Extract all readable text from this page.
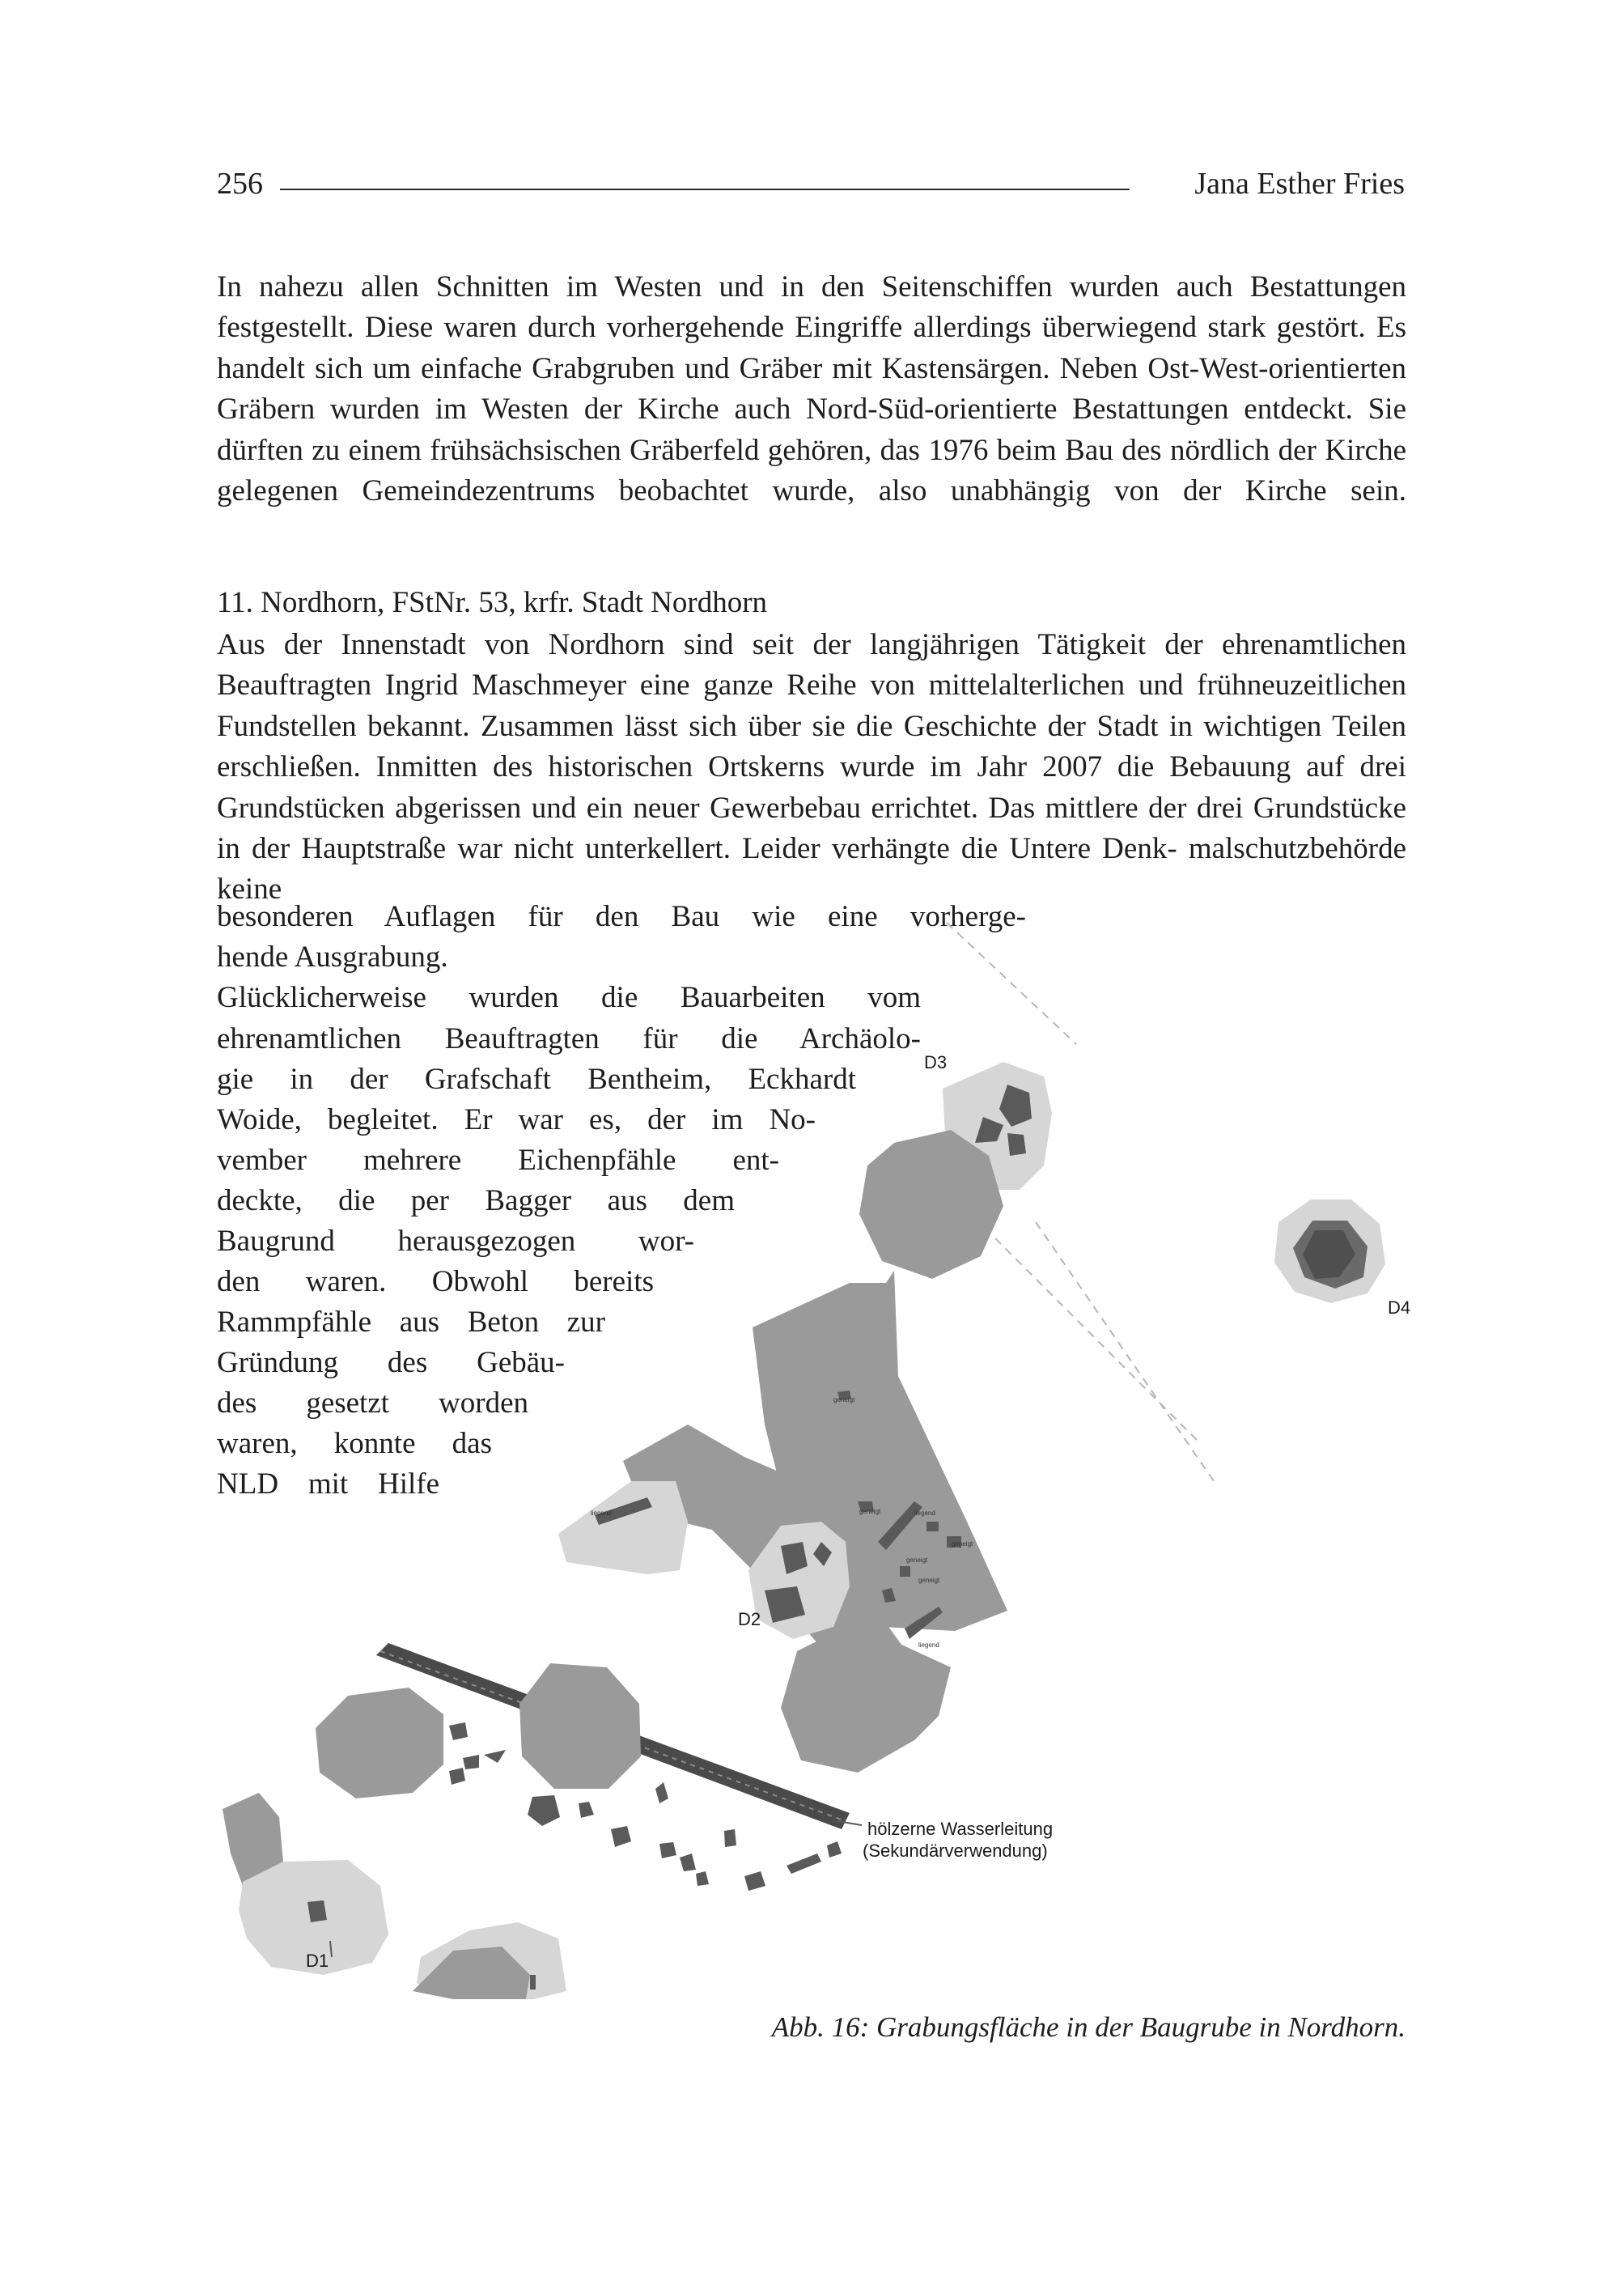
256	Jana Esther Fries

In nahezu allen Schnitten im Westen und in den Seitenschiffen wurden auch Bestattungen festgestellt. Diese waren durch vorhergehende Eingriffe allerdings überwiegend stark gestört. Es handelt sich um einfache Grabgruben und Gräber mit Kastensärgen. Neben Ost-West-orientierten Gräbern wurden im Westen der Kirche auch Nord-Süd-orientierte Bestattungen entdeckt. Sie dürften zu einem frühsächsischen Gräberfeld gehören, das 1976 beim Bau des nördlich der Kirche gelegenen Gemeindezentrums beobachtet wurde, also unabhängig von der Kirche sein.

11. Nordhorn, FStNr. 53, krfr. Stadt Nordhorn

Aus der Innenstadt von Nordhorn sind seit der langjährigen Tätigkeit der ehrenamtlichen Beauftragten Ingrid Maschmeyer eine ganze Reihe von mittelalterlichen und frühneuzeitlichen Fundstellen bekannt. Zusammen lässt sich über sie die Geschichte der Stadt in wichtigen Teilen erschließen. Inmitten des historischen Ortskerns wurde im Jahr 2007 die Bebauung auf drei Grundstücken abgerissen und ein neuer Gewerbebau errichtet. Das mittlere der drei Grundstücke in der Hauptstraße war nicht unterkellert. Leider verhängte die Untere Denk- malschutzbehörde keine

besonderen Auflagen für den Bau wie eine vorherge-
hende Ausgrabung.
Glücklicherweise wurden die Bauarbeiten vom
ehrenamtlichen Beauftragten für die Archäolo-
gie in der Grafschaft Bentheim, Eckhardt
Woide, begleitet. Er war es, der im No-
vember mehrere Eichenpfähle ent-
deckte, die per Bagger aus dem
Baugrund herausgezogen wor-
den waren. Obwohl bereits
Rammpfähle aus Beton zur
Gründung des Gebäu-
des gesetzt worden
waren, konnte das
NLD mit Hilfe
liegend
geneigt
geneigt	liegend
geneigt
geneigt
geneigt
liegend
D3
D4
D2
D1
hölzerne Wasserleitung
(Sekundärverwendung)
Abb. 16: Grabungsfläche in der Baugrube in Nordhorn.
